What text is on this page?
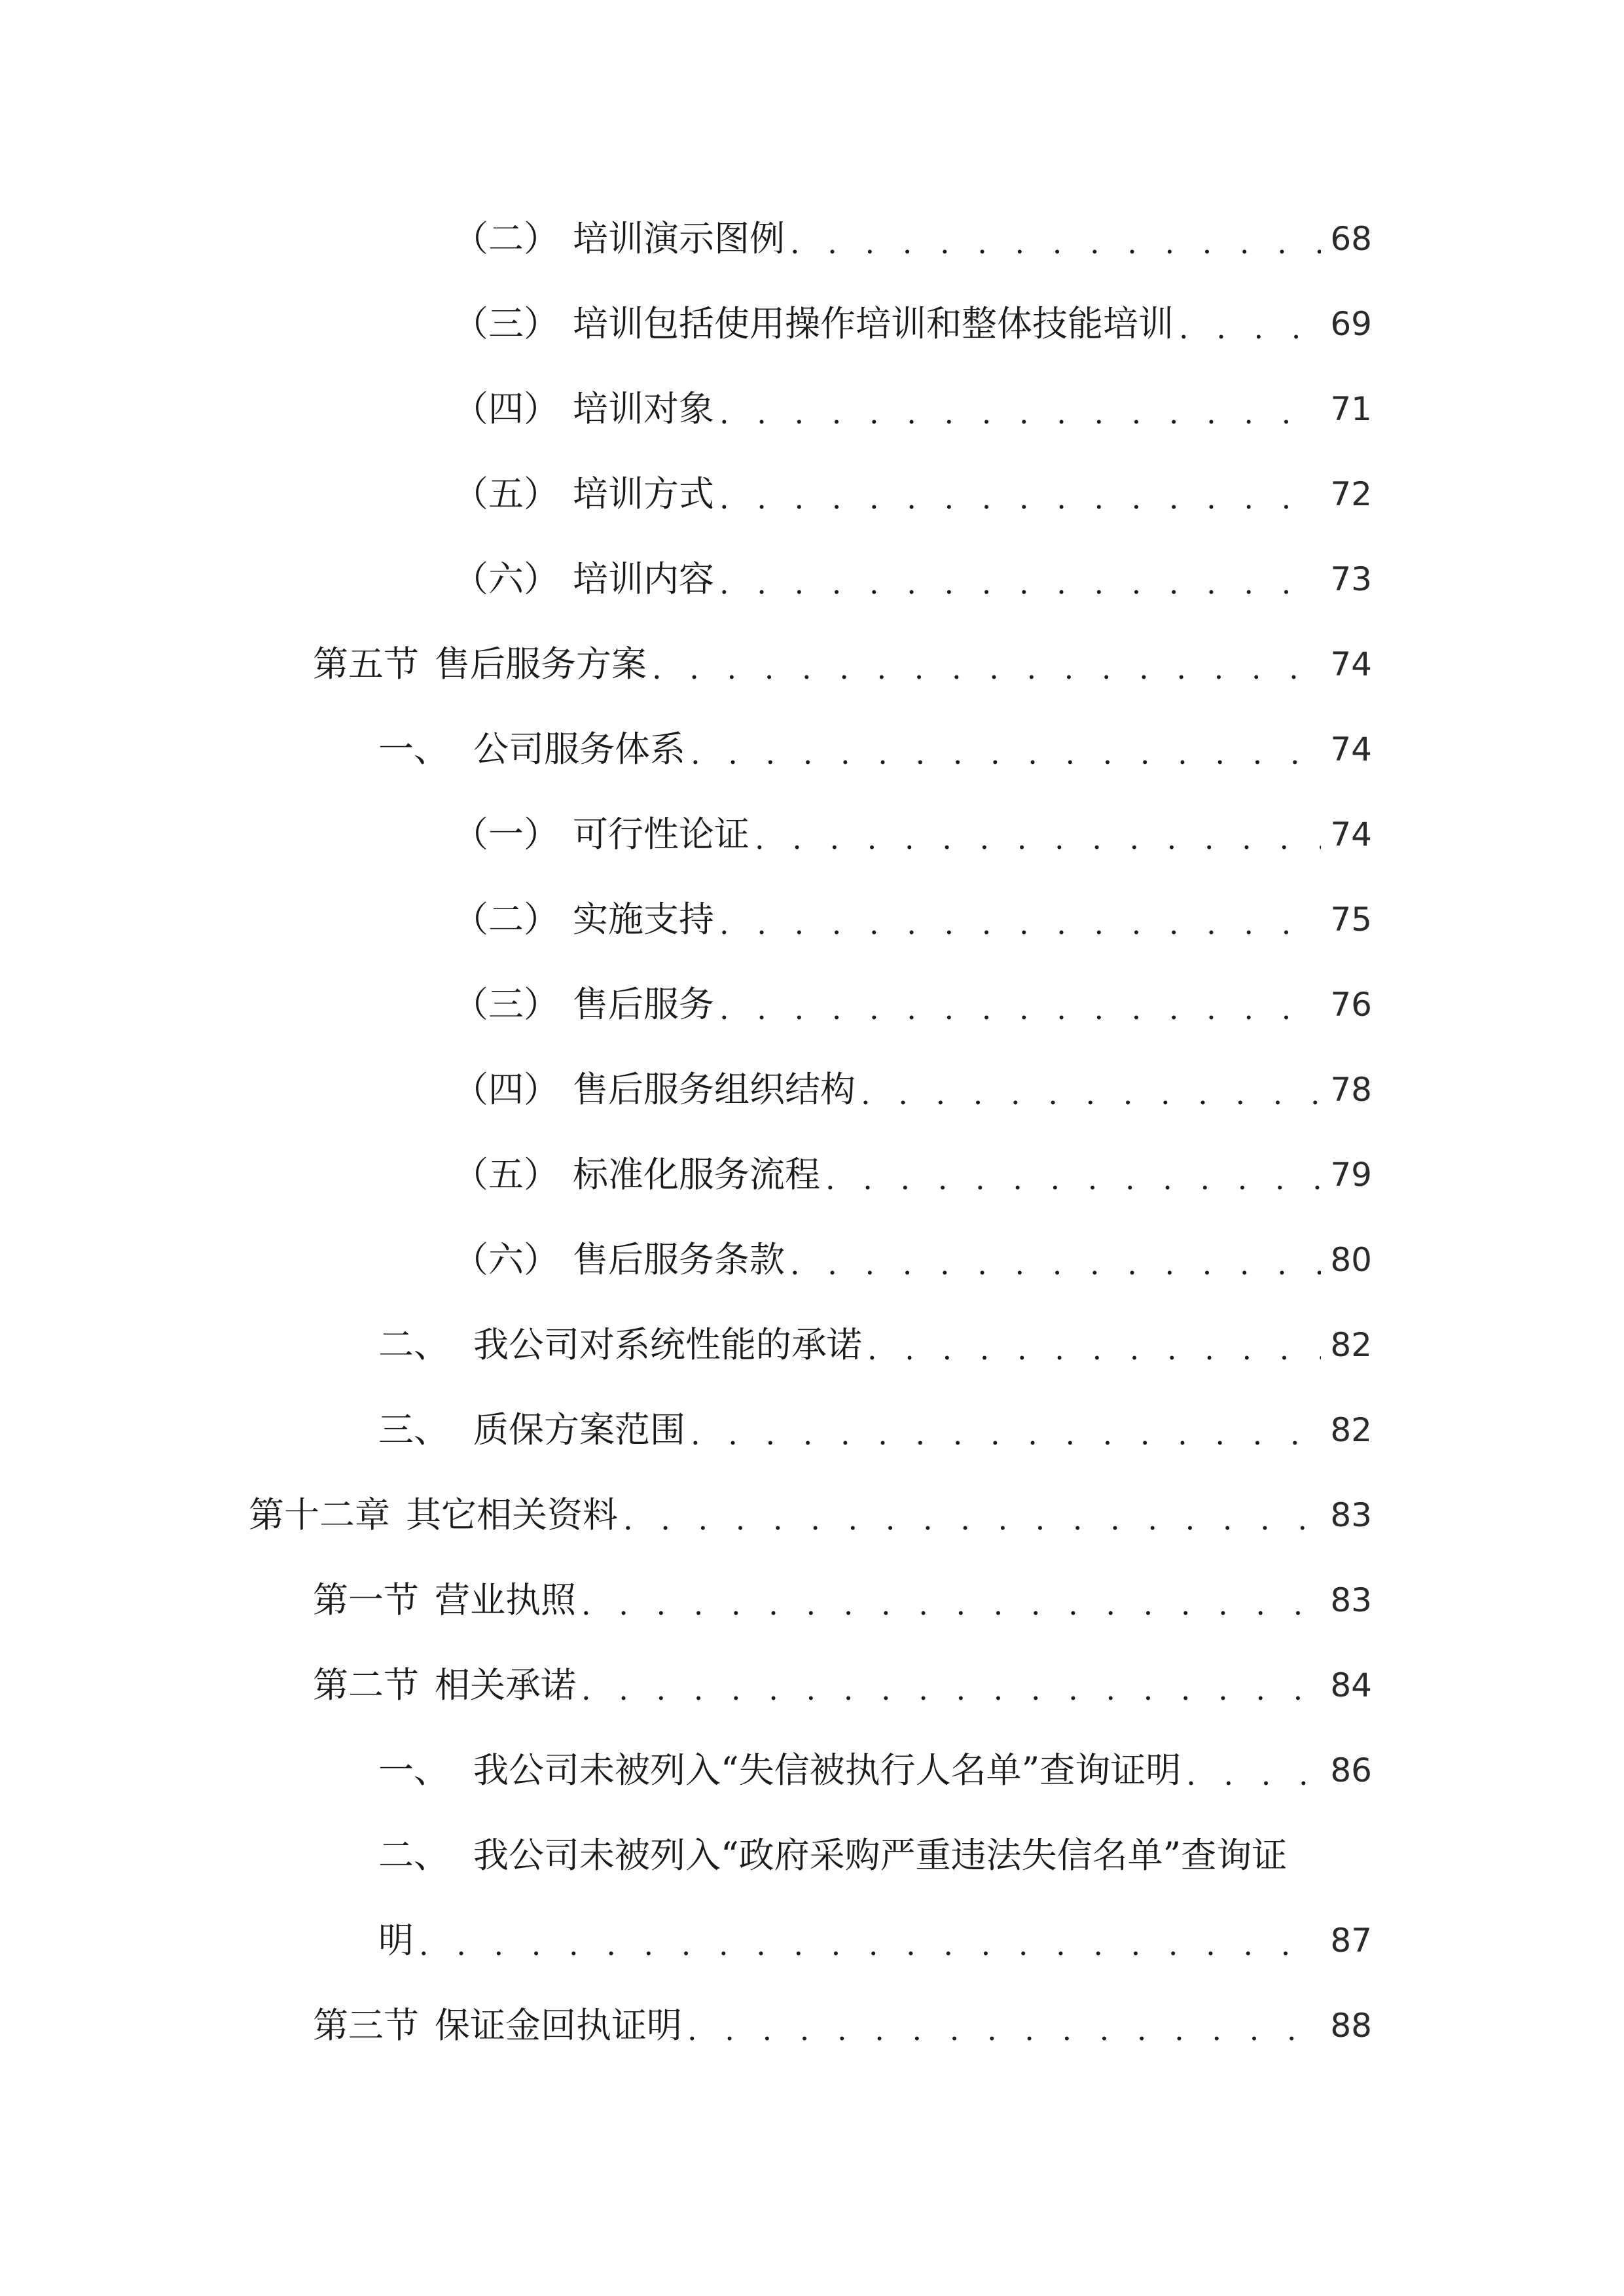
（二） 培训演示图例 . . .	68
（三） 培训包括使用操作培训和整体技能培训 . . .	69
（四） 培训对象 . . .	71
（五） 培训方式 . . .	72
（六） 培训内容 . . .	73
第五节 售后服务方案 . . .	74
一、 公司服务体系 . . .	74
（一） 可行性论证 . . .	74
（二） 实施支持 . . .	75
（三） 售后服务 . . .	76
（四） 售后服务组织结构 . . .	78
（五） 标准化服务流程 . . .	79
（六） 售后服务条款 . . .	80
二、 我公司对系统性能的承诺 . . .	82
三、 质保方案范围 . . .	82
第十二章 其它相关资料 . . .	83
第一节 营业执照 . . .	83
第二节 相关承诺 . . .	84
一、 我公司未被列入“失信被执行人名单”查询证明 . . .	86
二、 我公司未被列入“政府采购严重违法失信名单”查询证
明 . . .	87
第三节 保证金回执证明 . . .	88
